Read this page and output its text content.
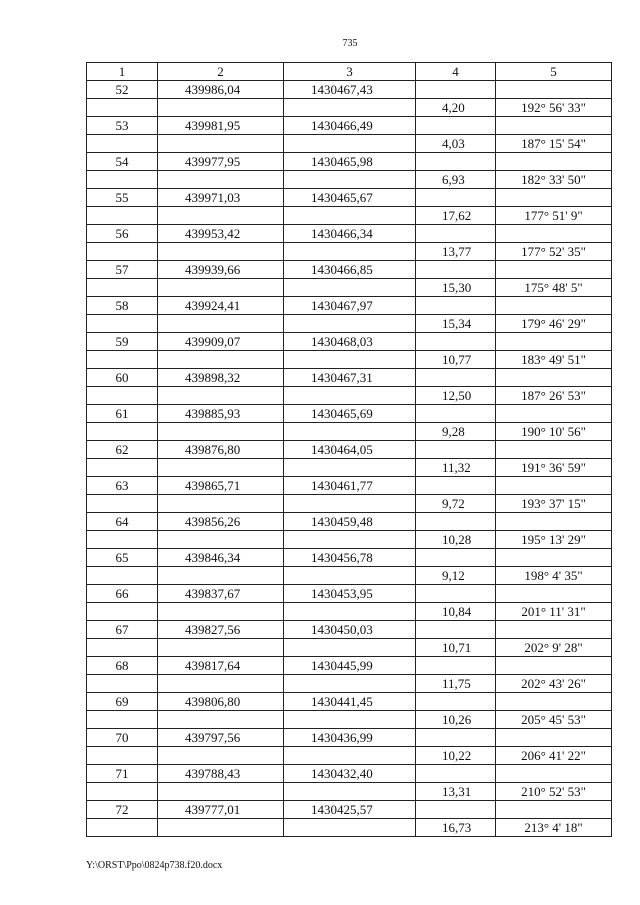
735
1	2	3	4	5
52	439986,04	1430467,43		
			4,20	192° 56' 33"
53	439981,95	1430466,49		
			4,03	187° 15' 54"
54	439977,95	1430465,98		
			6,93	182° 33' 50"
55	439971,03	1430465,67		
			17,62	177° 51' 9"
56	439953,42	1430466,34		
			13,77	177° 52' 35"
57	439939,66	1430466,85		
			15,30	175° 48' 5"
58	439924,41	1430467,97		
			15,34	179° 46' 29"
59	439909,07	1430468,03		
			10,77	183° 49' 51"
60	439898,32	1430467,31		
			12,50	187° 26' 53"
61	439885,93	1430465,69		
			9,28	190° 10' 56"
62	439876,80	1430464,05		
			11,32	191° 36' 59"
63	439865,71	1430461,77		
			9,72	193° 37' 15"
64	439856,26	1430459,48		
			10,28	195° 13' 29"
65	439846,34	1430456,78		
			9,12	198° 4' 35"
66	439837,67	1430453,95		
			10,84	201° 11' 31"
67	439827,56	1430450,03		
			10,71	202° 9' 28"
68	439817,64	1430445,99		
			11,75	202° 43' 26"
69	439806,80	1430441,45		
			10,26	205° 45' 53"
70	439797,56	1430436,99		
			10,22	206° 41' 22"
71	439788,43	1430432,40		
			13,31	210° 52' 53"
72	439777,01	1430425,57		
			16,73	213° 4' 18"
Y:\ORST\Ppo\0824p738.f20.docx
